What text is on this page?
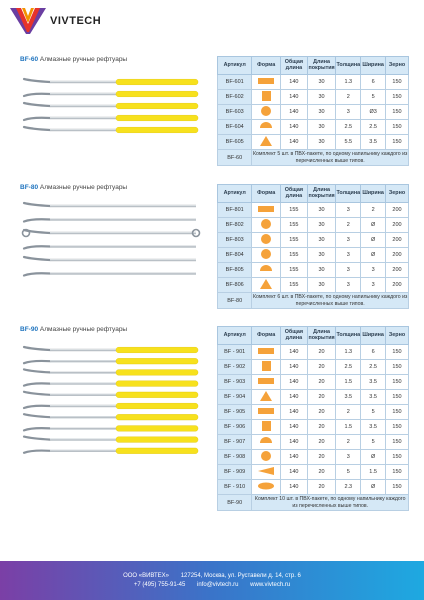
VIVTECH
BF-60 Алмазные ручные рефтуары
BF-80 Алмазные ручные рефтуары
BF-90 Алмазные ручные рефтуары
Артикул	Форма	Общая длина	Длина покрытия	Толщина	Ширина	Зерно
BF-601		140	30	1.3	6	150
BF-602		140	30	2	5	150
BF-603		140	30	3	Ø3	150
BF-604		140	30	2.5	2.5	150
BF-605		140	30	5.5	3.5	150
BF-60	Комплект 5 шт. в ПВХ-пакете, по одному напильнику каждого из перечисленных выше типов.					
Артикул	Форма	Общая длина	Длина покрытия	Толщина	Ширина	Зерно
BF-801		155	30	3	2	200
BF-802		155	30	2	Ø	200
BF-803		155	30	3	Ø	200
BF-804		155	30	3	Ø	200
BF-805		155	30	3	3	200
BF-806		155	30	3	3	200
BF-80	Комплект 6 шт. в ПВХ-пакете, по одному напильнику каждого из перечисленных выше типов.					
Артикул	Форма	Общая длина	Длина покрытия	Толщина	Ширина	Зерно
BF - 901		140	20	1.3	6	150
BF - 902		140	20	2.5	2.5	150
BF - 903		140	20	1.5	3.5	150
BF - 904		140	20	3.5	3.5	150
BF - 905		140	20	2	5	150
BF - 906		140	20	1.5	3.5	150
BF - 907		140	20	2	5	150
BF - 908		140	20	3	Ø	150
BF - 909		140	20	5	1.5	150
BF - 910		140	20	2.3	Ø	150
BF-90	Комплект 10 шт. в ПВХ-пакете, по одному напильнику каждого из перечисленных выше типов.					
ООО «ВИВТЕХ» 127254, Москва, ул. Руставели д. 14, стр. 6
+7 (495) 755-91-45 info@vivtech.ru www.vivtech.ru
